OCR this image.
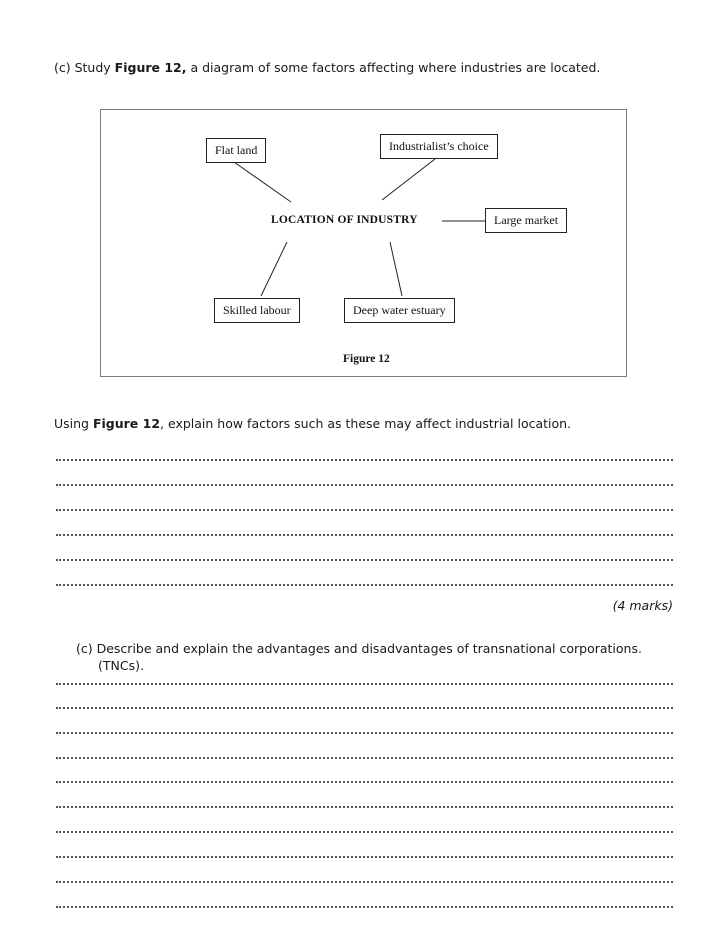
(c) Study Figure 12, a diagram of some factors affecting where industries are located.
Flat land	Industrialist’s choice
LOCATION OF INDUSTRY	Large market
Skilled labour	Deep water estuary
Figure 12
Using Figure 12, explain how factors such as these may affect industrial location.
(4 marks)
(c) Describe and explain the advantages and disadvantages of transnational corporations.
(TNCs).
